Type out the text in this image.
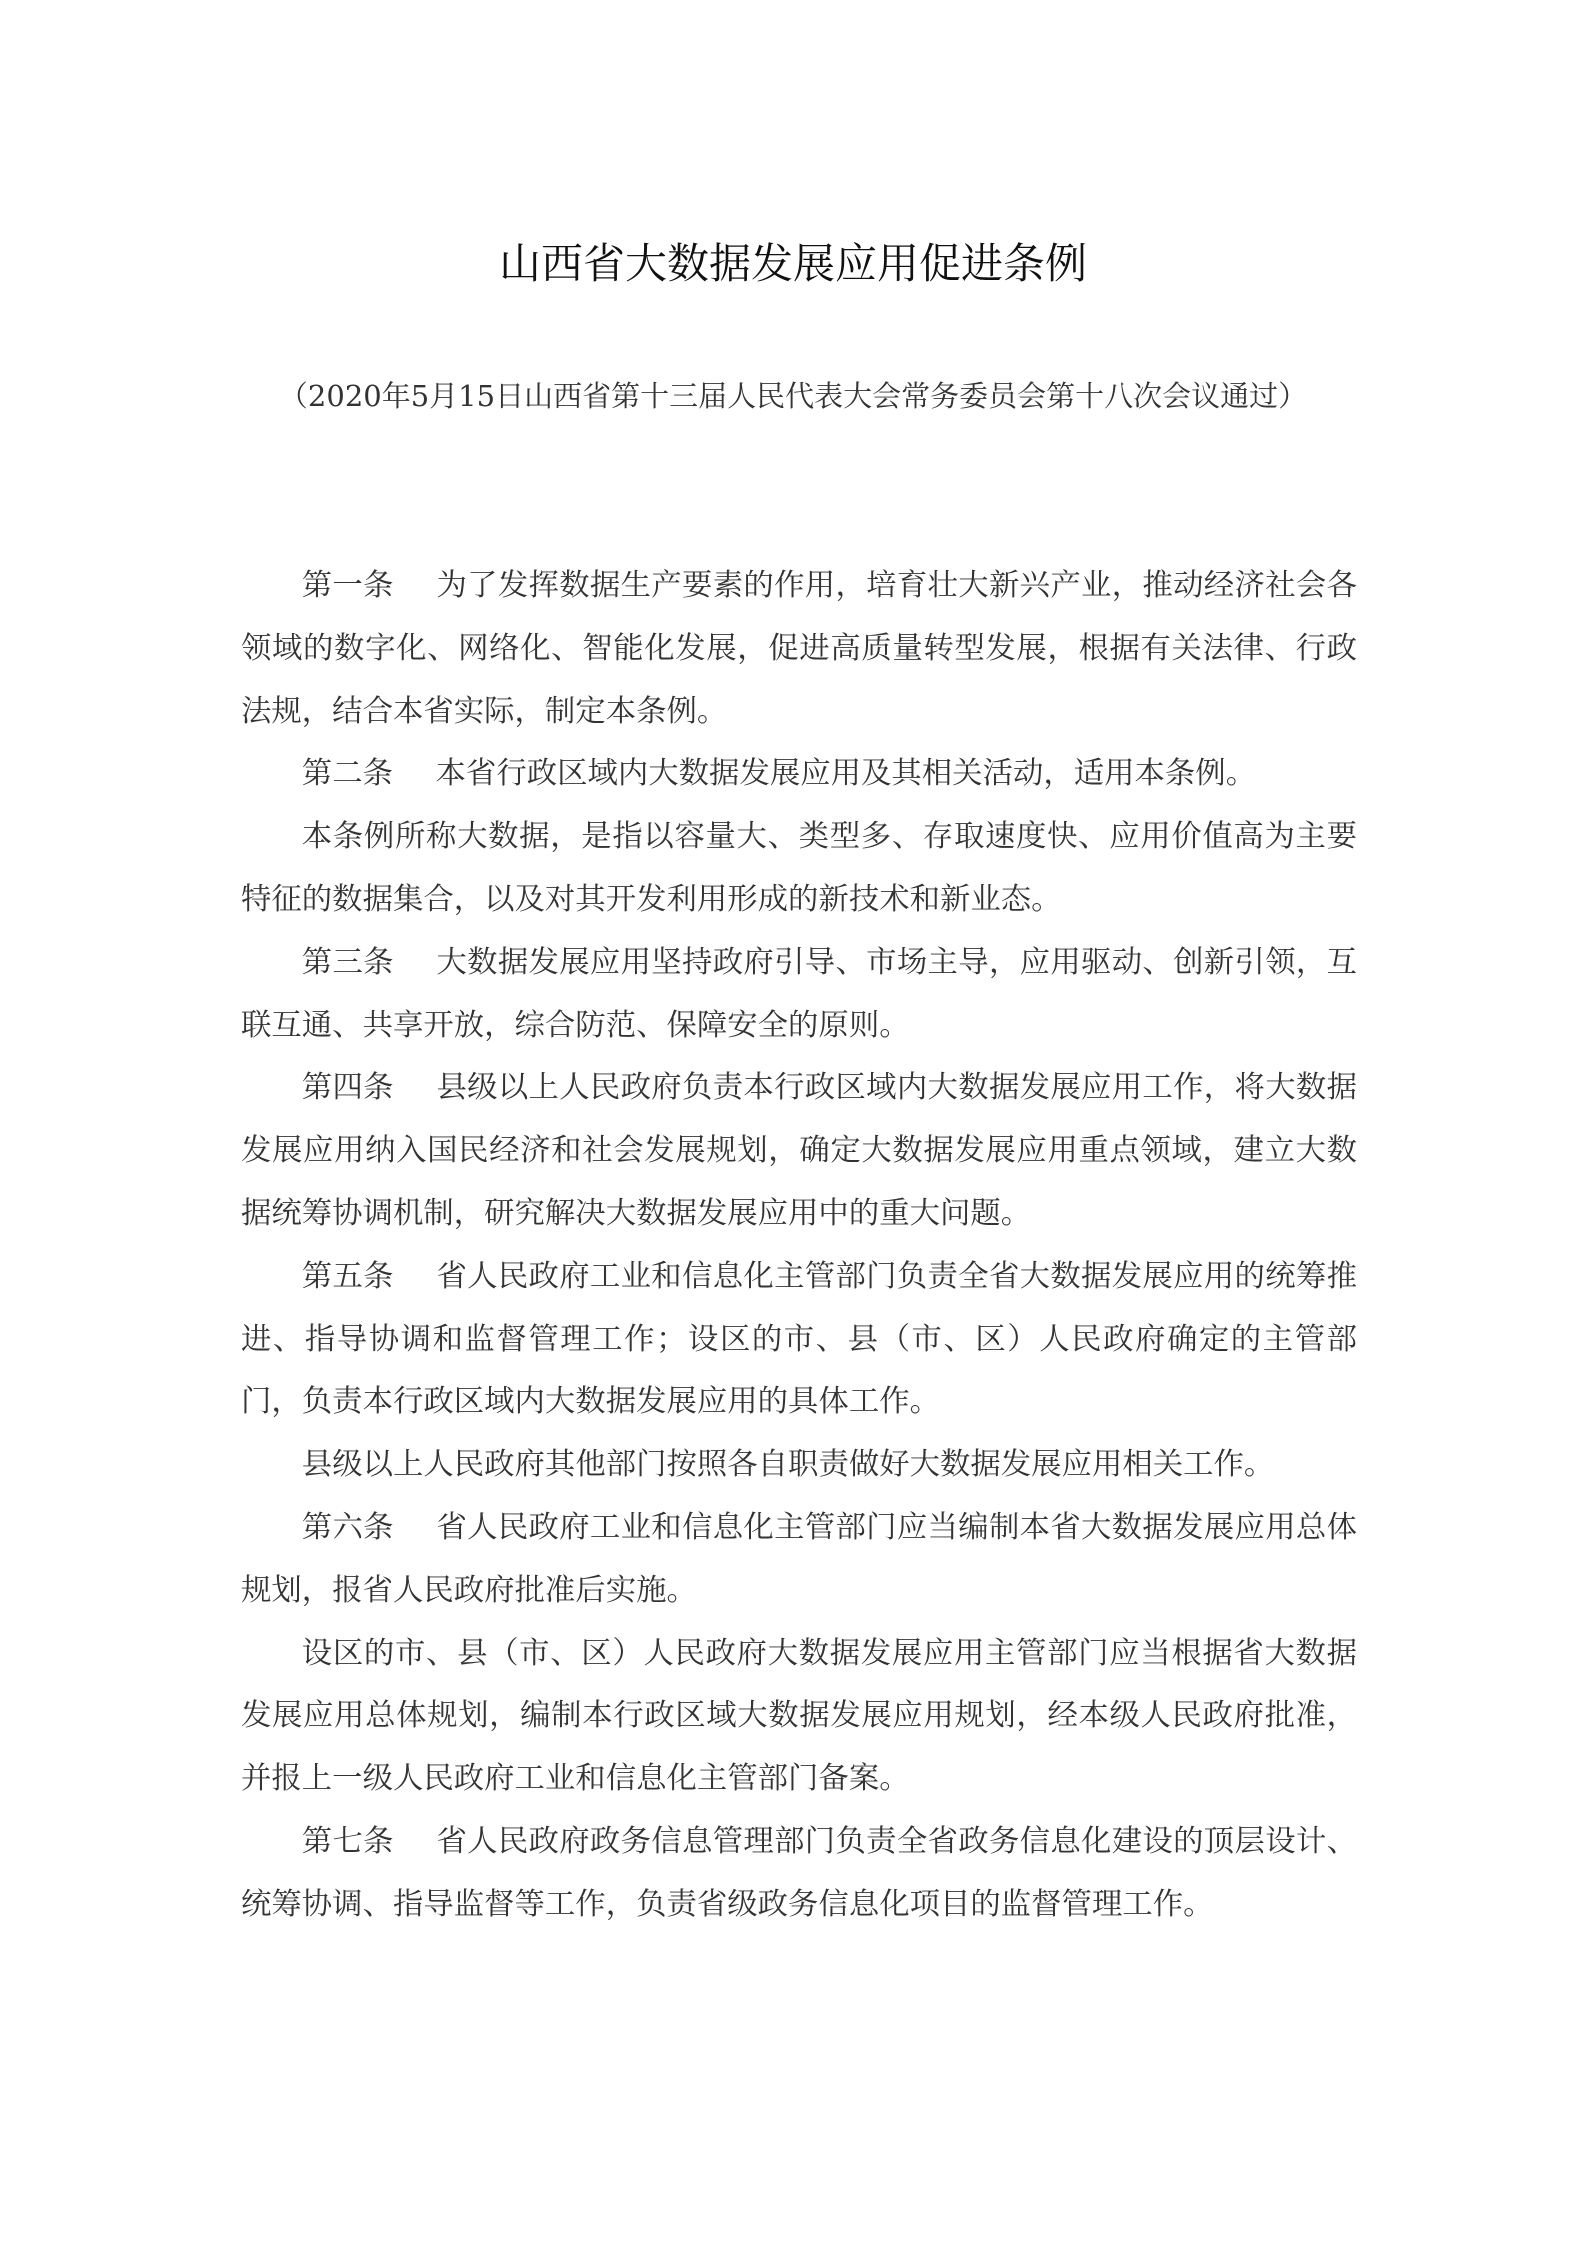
山西省大数据发展应用促进条例
（2020年5月15日山西省第十三届人民代表大会常务委员会第十八次会议通过）

第一条 为了发挥数据生产要素的作用，培育壮大新兴产业，推动经济社会各领域的数字化、网络化、智能化发展，促进高质量转型发展，根据有关法律、行政法规，结合本省实际，制定本条例。

第二条 本省行政区域内大数据发展应用及其相关活动，适用本条例。

本条例所称大数据，是指以容量大、类型多、存取速度快、应用价值高为主要特征的数据集合，以及对其开发利用形成的新技术和新业态。

第三条 大数据发展应用坚持政府引导、市场主导，应用驱动、创新引领，互联互通、共享开放，综合防范、保障安全的原则。

第四条 县级以上人民政府负责本行政区域内大数据发展应用工作，将大数据发展应用纳入国民经济和社会发展规划，确定大数据发展应用重点领域，建立大数据统筹协调机制，研究解决大数据发展应用中的重大问题。

第五条 省人民政府工业和信息化主管部门负责全省大数据发展应用的统筹推进、指导协调和监督管理工作；设区的市、县（市、区）人民政府确定的主管部门，负责本行政区域内大数据发展应用的具体工作。

县级以上人民政府其他部门按照各自职责做好大数据发展应用相关工作。

第六条 省人民政府工业和信息化主管部门应当编制本省大数据发展应用总体规划，报省人民政府批准后实施。

设区的市、县（市、区）人民政府大数据发展应用主管部门应当根据省大数据发展应用总体规划，编制本行政区域大数据发展应用规划，经本级人民政府批准，并报上一级人民政府工业和信息化主管部门备案。

第七条 省人民政府政务信息管理部门负责全省政务信息化建设的顶层设计、统筹协调、指导监督等工作，负责省级政务信息化项目的监督管理工作。
